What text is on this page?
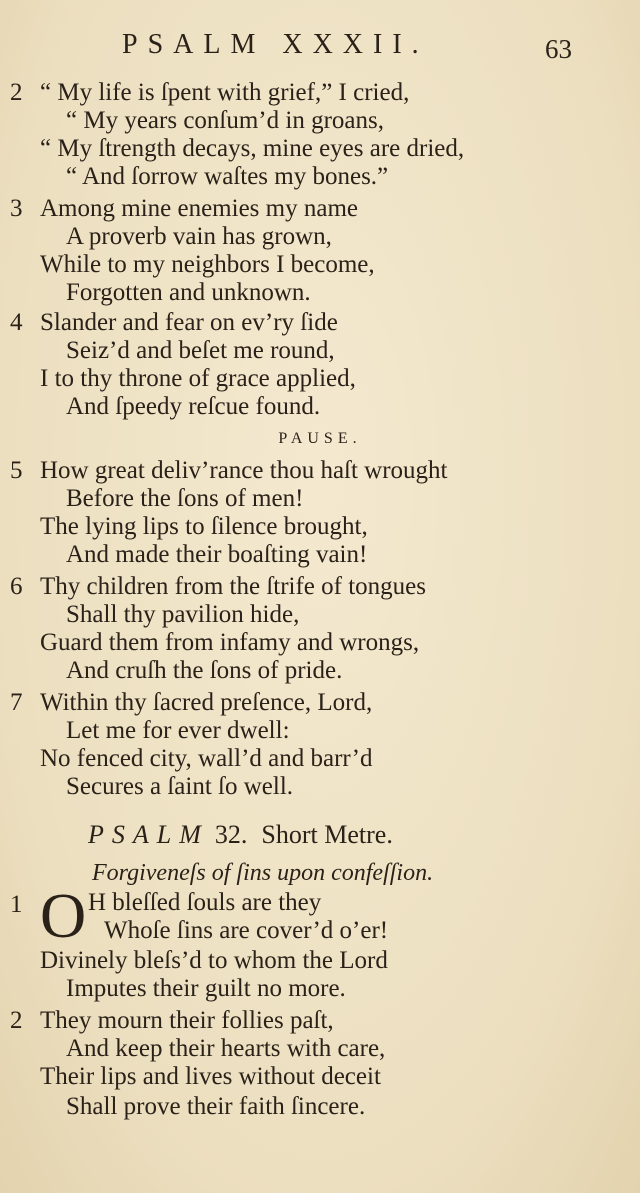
PSALM XXXII.	63
2 “ My life is ſpent with grief,” I cried,
“ My years conſum’d in groans,
“ My ſtrength decays, mine eyes are dried,
“ And ſorrow waſtes my bones.”
3 Among mine enemies my name
A proverb vain has grown,
While to my neighbors I become,
Forgotten and unknown.
4 Slander and fear on ev’ry ſide
Seiz’d and beſet me round,
I to thy throne of grace applied,
And ſpeedy reſcue found.
PAUSE.
5 How great deliv’rance thou haſt wrought
Before the ſons of men!
The lying lips to ſilence brought,
And made their boaſting vain!
6 Thy children from the ſtrife of tongues
Shall thy pavilion hide,
Guard them from infamy and wrongs,
And cruſh the ſons of pride.
7 Within thy ſacred preſence, Lord,
Let me for ever dwell:
No fenced city, wall’d and barr’d
Secures a ſaint ſo well.
PSALM 32. Short Metre.
Forgiveneſs of ſins upon confeſſion.
1 O H bleſſed ſouls are they
Whoſe ſins are cover’d o’er!
Divinely bleſs’d to whom the Lord
Imputes their guilt no more.
2 They mourn their follies paſt,
And keep their hearts with care,
Their lips and lives without deceit
Shall prove their faith ſincere.
